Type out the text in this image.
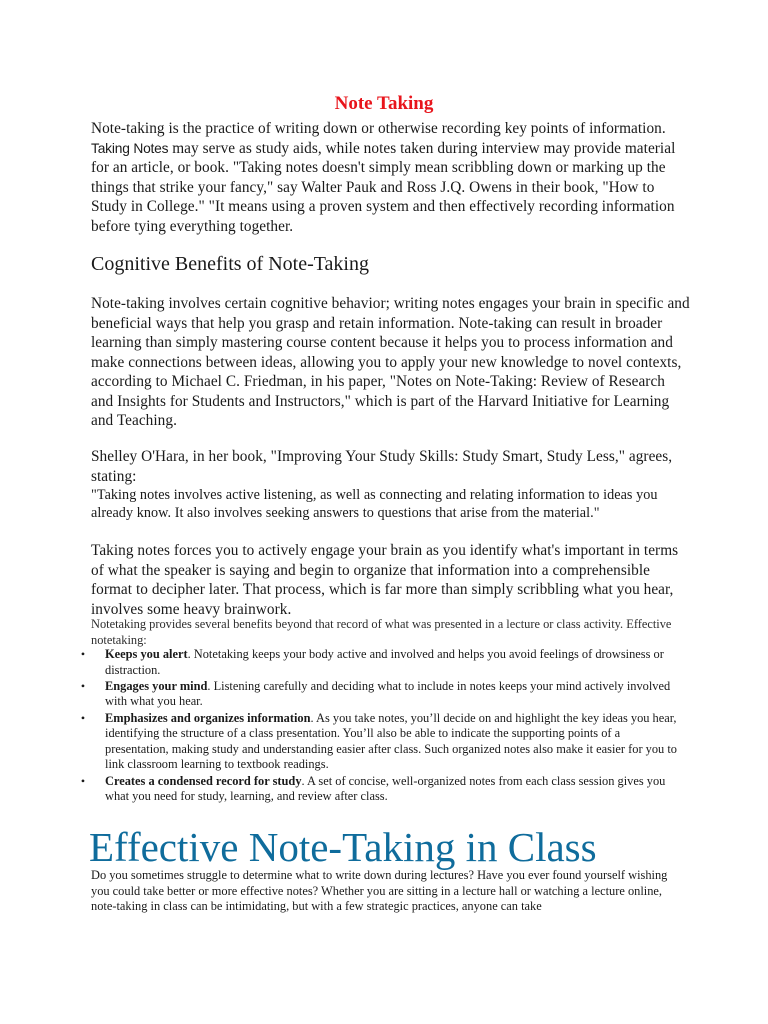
Note Taking
Note-taking is the practice of writing down or otherwise recording key points of information. Taking Notes may serve as study aids, while notes taken during interview may provide material for an article, or book. "Taking notes doesn't simply mean scribbling down or marking up the things that strike your fancy," say Walter Pauk and Ross J.Q. Owens in their book, "How to Study in College." "It means using a proven system and then effectively recording information before tying everything together.
Cognitive Benefits of Note-Taking
Note-taking involves certain cognitive behavior; writing notes engages your brain in specific and beneficial ways that help you grasp and retain information. Note-taking can result in broader learning than simply mastering course content because it helps you to process information and make connections between ideas, allowing you to apply your new knowledge to novel contexts, according to Michael C. Friedman, in his paper, "Notes on Note-Taking: Review of Research and Insights for Students and Instructors," which is part of the Harvard Initiative for Learning and Teaching.
Shelley O'Hara, in her book, "Improving Your Study Skills: Study Smart, Study Less," agrees, stating:
"Taking notes involves active listening, as well as connecting and relating information to ideas you already know. It also involves seeking answers to questions that arise from the material."
Taking notes forces you to actively engage your brain as you identify what's important in terms of what the speaker is saying and begin to organize that information into a comprehensible format to decipher later. That process, which is far more than simply scribbling what you hear, involves some heavy brainwork.
Notetaking provides several benefits beyond that record of what was presented in a lecture or class activity. Effective notetaking:
•	Keeps you alert. Notetaking keeps your body active and involved and helps you avoid feelings of drowsiness or distraction.
•	Engages your mind. Listening carefully and deciding what to include in notes keeps your mind actively involved with what you hear.
•	Emphasizes and organizes information. As you take notes, you’ll decide on and highlight the key ideas you hear, identifying the structure of a class presentation. You’ll also be able to indicate the supporting points of a presentation, making study and understanding easier after class. Such organized notes also make it easier for you to link classroom learning to textbook readings.
•	Creates a condensed record for study. A set of concise, well-organized notes from each class session gives you what you need for study, learning, and review after class.
Effective Note-Taking in Class
Do you sometimes struggle to determine what to write down during lectures? Have you ever found yourself wishing you could take better or more effective notes? Whether you are sitting in a lecture hall or watching a lecture online, note-taking in class can be intimidating, but with a few strategic practices, anyone can take
